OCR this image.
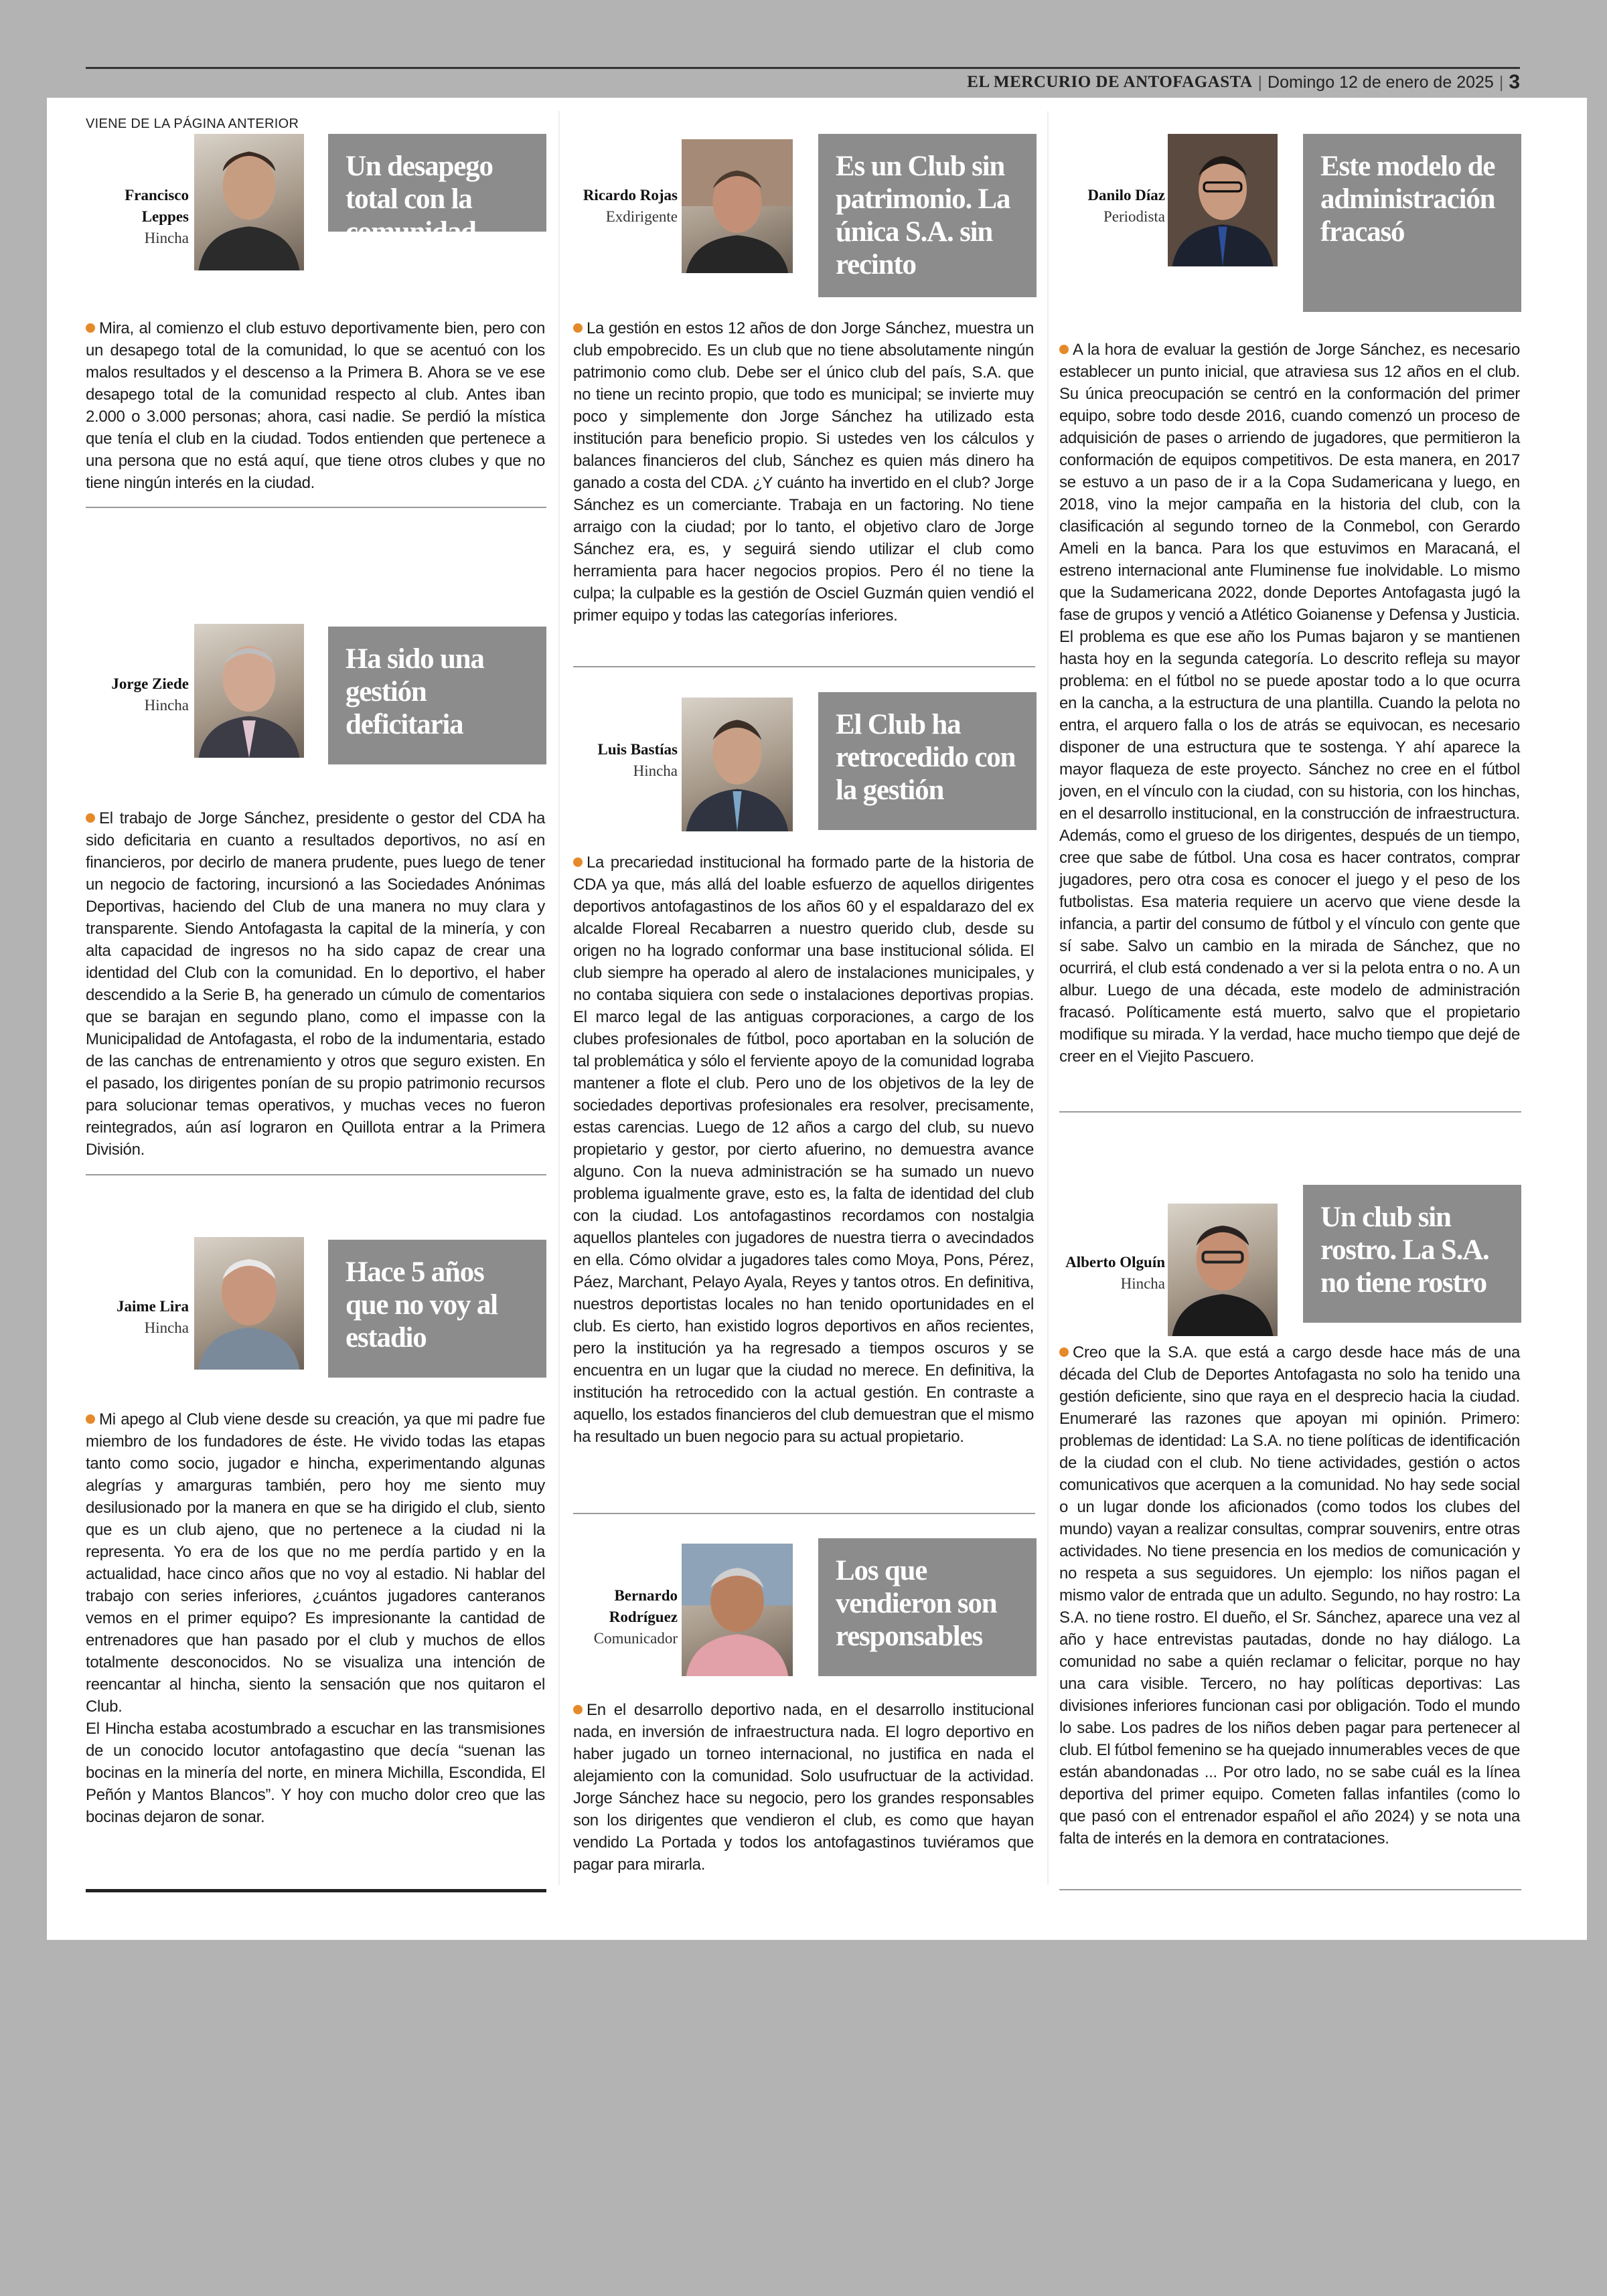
EL MERCURIO DE ANTOFAGASTA | Domingo 12 de enero de 2025 | 3
VIENE DE LA PÁGINA ANTERIOR
Francisco Leppes
Hincha
Un desapego total con la comunidad

Mira, al comienzo el club estuvo deportivamente bien, pero con un desapego total de la comunidad, lo que se acentuó con los malos resultados y el descenso a la Primera B. Ahora se ve ese desapego total de la comunidad respecto al club. Antes iban 2.000 o 3.000 personas; ahora, casi nadie. Se perdió la mística que tenía el club en la ciudad. Todos entienden que pertenece a una persona que no está aquí, que tiene otros clubes y que no tiene ningún interés en la ciudad.

Jorge Ziede
Hincha
Ha sido una gestión deficitaria

El trabajo de Jorge Sánchez, presidente o gestor del CDA ha sido deficitaria en cuanto a resultados deportivos, no así en financieros, por decirlo de manera prudente, pues luego de tener un negocio de factoring, incursionó a las Sociedades Anónimas Deportivas, haciendo del Club de una manera no muy clara y transparente. Siendo Antofagasta la capital de la minería, y con alta capacidad de ingresos no ha sido capaz de crear una identidad del Club con la comunidad. En lo deportivo, el haber descendido a la Serie B, ha generado un cúmulo de comentarios que se barajan en segundo plano, como el impasse con la Municipalidad de Antofagasta, el robo de la indumentaria, estado de las canchas de entrenamiento y otros que seguro existen. En el pasado, los dirigentes ponían de su propio patrimonio recursos para solucionar temas operativos, y muchas veces no fueron reintegrados, aún así lograron en Quillota entrar a la Primera División.

Jaime Lira
Hincha
Hace 5 años que no voy al estadio

Mi apego al Club viene desde su creación, ya que mi padre fue miembro de los fundadores de éste. He vivido todas las etapas tanto como socio, jugador e hincha, experimentando algunas alegrías y amarguras también, pero hoy me siento muy desilusionado por la manera en que se ha dirigido el club, siento que es un club ajeno, que no pertenece a la ciudad ni la representa. Yo era de los que no me perdía partido y en la actualidad, hace cinco años que no voy al estadio. Ni hablar del trabajo con series inferiores, ¿cuántos jugadores canteranos vemos en el primer equipo? Es impresionante la cantidad de entrenadores que han pasado por el club y muchos de ellos totalmente desconocidos. No se visualiza una intención de reencantar al hincha, siento la sensación que nos quitaron el Club.

El Hincha estaba acostumbrado a escuchar en las transmisiones de un conocido locutor antofagastino que decía “suenan las bocinas en la minería del norte, en minera Michilla, Escondida, El Peñón y Mantos Blancos”. Y hoy con mucho dolor creo que las bocinas dejaron de sonar.

Ricardo Rojas
Exdirigente
Es un Club sin patrimonio. La única S.A. sin recinto

La gestión en estos 12 años de don Jorge Sánchez, muestra un club empobrecido. Es un club que no tiene absolutamente ningún patrimonio como club. Debe ser el único club del país, S.A. que no tiene un recinto propio, que todo es municipal; se invierte muy poco y simplemente don Jorge Sánchez ha utilizado esta institución para beneficio propio. Si ustedes ven los cálculos y balances financieros del club, Sánchez es quien más dinero ha ganado a costa del CDA. ¿Y cuánto ha invertido en el club? Jorge Sánchez es un comerciante. Trabaja en un factoring. No tiene arraigo con la ciudad; por lo tanto, el objetivo claro de Jorge Sánchez era, es, y seguirá siendo utilizar el club como herramienta para hacer negocios propios. Pero él no tiene la culpa; la culpable es la gestión de Osciel Guzmán quien vendió el primer equipo y todas las categorías inferiores.

Luis Bastías
Hincha
El Club ha retrocedido con la gestión

La precariedad institucional ha formado parte de la historia de CDA ya que, más allá del loable esfuerzo de aquellos dirigentes deportivos antofagastinos de los años 60 y el espaldarazo del ex alcalde Floreal Recabarren a nuestro querido club, desde su origen no ha logrado conformar una base institucional sólida. El club siempre ha operado al alero de instalaciones municipales, y no contaba siquiera con sede o instalaciones deportivas propias. El marco legal de las antiguas corporaciones, a cargo de los clubes profesionales de fútbol, poco aportaban en la solución de tal problemática y sólo el ferviente apoyo de la comunidad lograba mantener a flote el club. Pero uno de los objetivos de la ley de sociedades deportivas profesionales era resolver, precisamente, estas carencias. Luego de 12 años a cargo del club, su nuevo propietario y gestor, por cierto afuerino, no demuestra avance alguno. Con la nueva administración se ha sumado un nuevo problema igualmente grave, esto es, la falta de identidad del club con la ciudad. Los antofagastinos recordamos con nostalgia aquellos planteles con jugadores de nuestra tierra o avecindados en ella. Cómo olvidar a jugadores tales como Moya, Pons, Pérez, Páez, Marchant, Pelayo Ayala, Reyes y tantos otros. En definitiva, nuestros deportistas locales no han tenido oportunidades en el club. Es cierto, han existido logros deportivos en años recientes, pero la institución ya ha regresado a tiempos oscuros y se encuentra en un lugar que la ciudad no merece. En definitiva, la institución ha retrocedido con la actual gestión. En contraste a aquello, los estados financieros del club demuestran que el mismo ha resultado un buen negocio para su actual propietario.

Bernardo Rodríguez
Comunicador
Los que vendieron son responsables

En el desarrollo deportivo nada, en el desarrollo institucional nada, en inversión de infraestructura nada. El logro deportivo en haber jugado un torneo internacional, no justifica en nada el alejamiento con la comunidad. Solo usufructuar de la actividad. Jorge Sánchez hace su negocio, pero los grandes responsables son los dirigentes que vendieron el club, es como que hayan vendido La Portada y todos los antofagastinos tuviéramos que pagar para mirarla.

Danilo Díaz
Periodista
Este modelo de administración fracasó

A la hora de evaluar la gestión de Jorge Sánchez, es necesario establecer un punto inicial, que atraviesa sus 12 años en el club. Su única preocupación se centró en la conformación del primer equipo, sobre todo desde 2016, cuando comenzó un proceso de adquisición de pases o arriendo de jugadores, que permitieron la conformación de equipos competitivos. De esta manera, en 2017 se estuvo a un paso de ir a la Copa Sudamericana y luego, en 2018, vino la mejor campaña en la historia del club, con la clasificación al segundo torneo de la Conmebol, con Gerardo Ameli en la banca. Para los que estuvimos en Maracaná, el estreno internacional ante Fluminense fue inolvidable. Lo mismo que la Sudamericana 2022, donde Deportes Antofagasta jugó la fase de grupos y venció a Atlético Goianense y Defensa y Justicia. El problema es que ese año los Pumas bajaron y se mantienen hasta hoy en la segunda categoría. Lo descrito refleja su mayor problema: en el fútbol no se puede apostar todo a lo que ocurra en la cancha, a la estructura de una plantilla. Cuando la pelota no entra, el arquero falla o los de atrás se equivocan, es necesario disponer de una estructura que te sostenga. Y ahí aparece la mayor flaqueza de este proyecto. Sánchez no cree en el fútbol joven, en el vínculo con la ciudad, con su historia, con los hinchas, en el desarrollo institucional, en la construcción de infraestructura. Además, como el grueso de los dirigentes, después de un tiempo, cree que sabe de fútbol. Una cosa es hacer contratos, comprar jugadores, pero otra cosa es conocer el juego y el peso de los futbolistas. Esa materia requiere un acervo que viene desde la infancia, a partir del consumo de fútbol y el vínculo con gente que sí sabe. Salvo un cambio en la mirada de Sánchez, que no ocurrirá, el club está condenado a ver si la pelota entra o no. A un albur. Luego de una década, este modelo de administración fracasó. Políticamente está muerto, salvo que el propietario modifique su mirada. Y la verdad, hace mucho tiempo que dejé de creer en el Viejito Pascuero.

Alberto Olguín
Hincha
Un club sin rostro. La S.A. no tiene rostro

Creo que la S.A. que está a cargo desde hace más de una década del Club de Deportes Antofagasta no solo ha tenido una gestión deficiente, sino que raya en el desprecio hacia la ciudad. Enumeraré las razones que apoyan mi opinión. Primero: problemas de identidad: La S.A. no tiene políticas de identificación de la ciudad con el club. No tiene actividades, gestión o actos comunicativos que acerquen a la comunidad. No hay sede social o un lugar donde los aficionados (como todos los clubes del mundo) vayan a realizar consultas, comprar souvenirs, entre otras actividades. No tiene presencia en los medios de comunicación y no respeta a sus seguidores. Un ejemplo: los niños pagan el mismo valor de entrada que un adulto. Segundo, no hay rostro: La S.A. no tiene rostro. El dueño, el Sr. Sánchez, aparece una vez al año y hace entrevistas pautadas, donde no hay diálogo. La comunidad no sabe a quién reclamar o felicitar, porque no hay una cara visible. Tercero, no hay políticas deportivas: Las divisiones inferiores funcionan casi por obligación. Todo el mundo lo sabe. Los padres de los niños deben pagar para pertenecer al club. El fútbol femenino se ha quejado innumerables veces de que están abandonadas ... Por otro lado, no se sabe cuál es la línea deportiva del primer equipo. Cometen fallas infantiles (como lo que pasó con el entrenador español el año 2024) y se nota una falta de interés en la demora en contrataciones.
